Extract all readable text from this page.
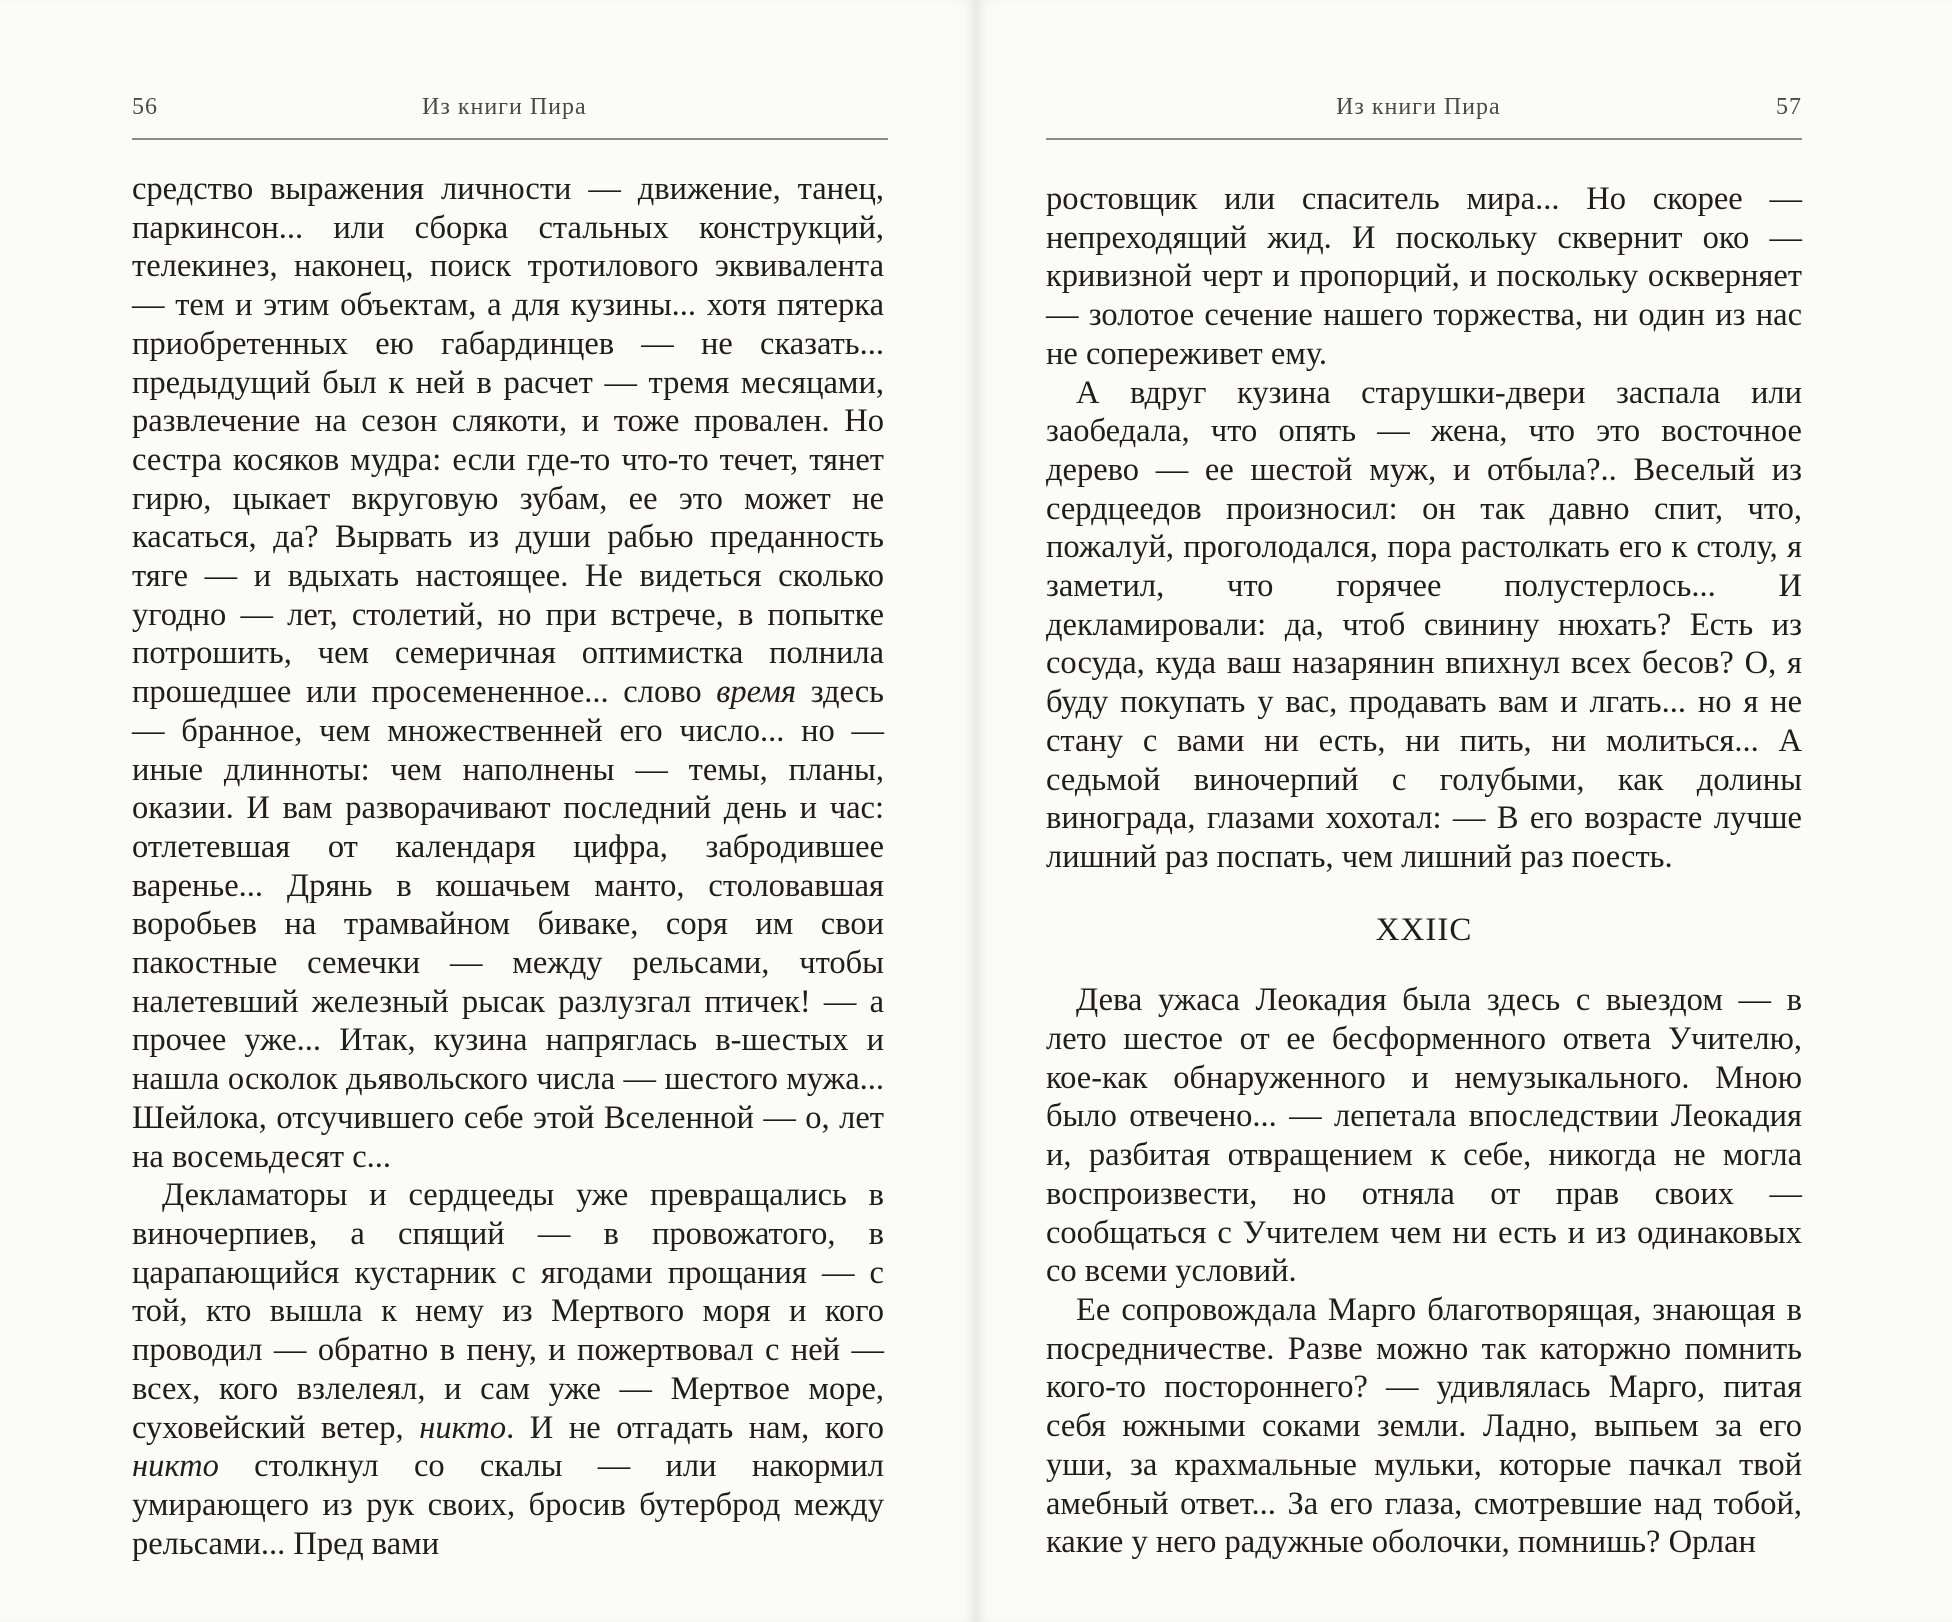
56	Из книги Пира

средство выражения личности — движение, танец, паркинсон... или сборка стальных конструкций, телекинез, наконец, поиск тротилового эквивалента — тем и этим объектам, а для кузины... хотя пятерка приобретенных ею габардинцев — не сказать... предыдущий был к ней в расчет — тремя месяцами, развлечение на сезон слякоти, и тоже провален. Но сестра косяков мудра: если где-то что-то течет, тянет гирю, цыкает вкруговую зубам, ее это может не касаться, да? Вырвать из души рабью преданность тяге — и вдыхать настоящее. Не видеться сколько угодно — лет, столетий, но при встрече, в попытке потрошить, чем семеричная оптимистка полнила прошедшее или просемененное... слово время здесь — бранное, чем множественней его число... но — иные длинноты: чем наполнены — темы, планы, оказии. И вам разворачивают последний день и час: отлетевшая от календаря цифра, забродившее варенье... Дрянь в кошачьем манто, столовавшая воробьев на трамвайном биваке, соря им свои пакостные семечки — между рельсами, чтобы налетевший железный рысак разлузгал птичек! — а прочее уже... Итак, кузина напряглась в-шестых и нашла осколок дьявольского числа — шестого мужа... Шейлока, отсучившего себе этой Вселенной — о, лет на восемьдесят с...

Декламаторы и сердцееды уже превращались в виночерпиев, а спящий — в провожатого, в царапающийся кустарник с ягодами прощания — с той, кто вышла к нему из Мертвого моря и кого проводил — обратно в пену, и пожертвовал с ней — всех, кого взлелеял, и сам уже — Мертвое море, суховейский ветер, никто. И не отгадать нам, кого никто столкнул со скалы — или накормил умирающего из рук своих, бросив бутерброд между рельсами... Пред вами

Из книги Пира	57

ростовщик или спаситель мира... Но скорее — непреходящий жид. И поскольку сквернит око — кривизной черт и пропорций, и поскольку оскверняет — золотое сечение нашего торжества, ни один из нас не сопереживет ему.

А вдруг кузина старушки-двери заспала или заобедала, что опять — жена, что это восточное дерево — ее шестой муж, и отбыла?.. Веселый из сердцеедов произносил: он так давно спит, что, пожалуй, проголодался, пора растолкать его к столу, я заметил, что горячее полустерлось... И декламировали: да, чтоб свинину нюхать? Есть из сосуда, куда ваш назарянин впихнул всех бесов? О, я буду покупать у вас, продавать вам и лгать... но я не стану с вами ни есть, ни пить, ни молиться... А седьмой виночерпий с голубыми, как долины винограда, глазами хохотал: — В его возрасте лучше лишний раз поспать, чем лишний раз поесть.

XXIIC

Дева ужаса Леокадия была здесь с выездом — в лето шестое от ее бесформенного ответа Учителю, кое-как обнаруженного и немузыкального. Мною было отвечено... — лепетала впоследствии Леокадия и, разбитая отвращением к себе, никогда не могла воспроизвести, но отняла от прав своих — сообщаться с Учителем чем ни есть и из одинаковых со всеми условий.

Ее сопровождала Марго благотворящая, знающая в посредничестве. Разве можно так каторжно помнить кого-то постороннего? — удивлялась Марго, питая себя южными соками земли. Ладно, выпьем за его уши, за крахмальные мульки, которые пачкал твой амебный ответ... За его глаза, смотревшие над тобой, какие у него радужные оболочки, помнишь? Орлан
